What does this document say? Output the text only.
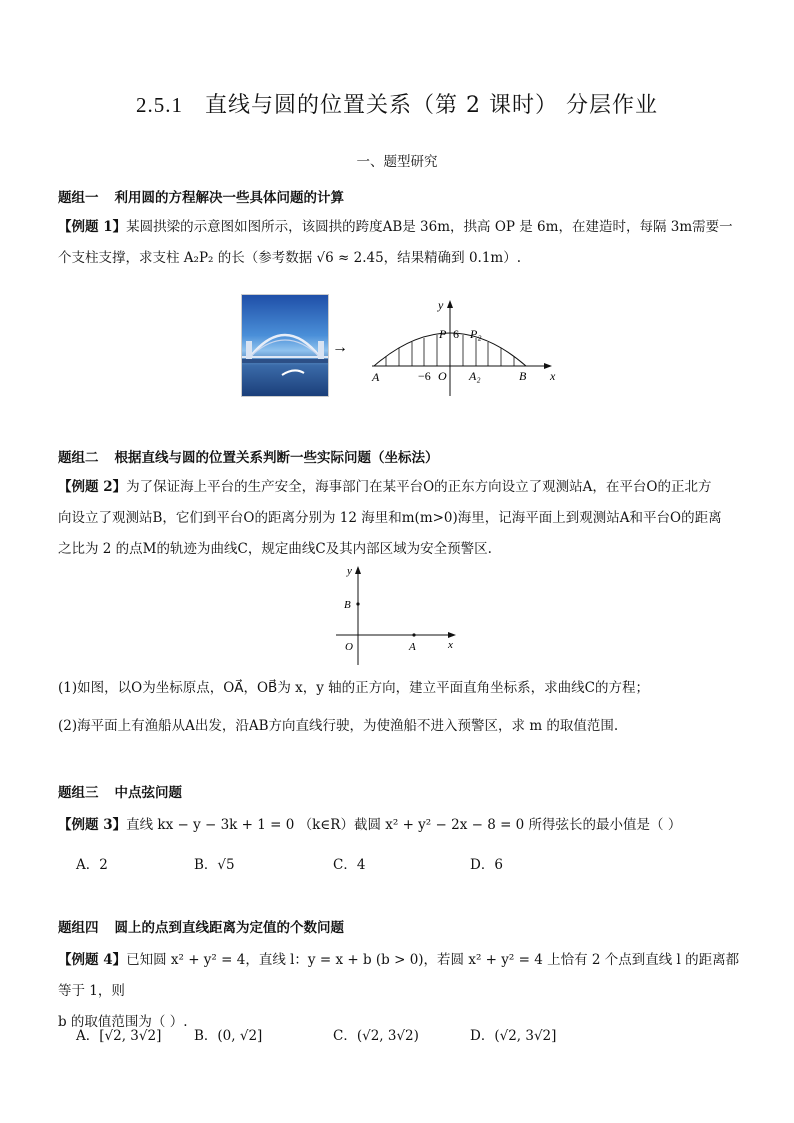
2.5.1 直线与圆的位置关系（第 2 课时） 分层作业
一、题型研究
题组一 利用圆的方程解决一些具体问题的计算
【例题 1】某圆拱梁的示意图如图所示，该圆拱的跨度AB是 36m，拱高 OP 是 6m，在建造时，每隔 3m需要一
个支柱支撑，求支柱 A₂P₂ 的长（参考数据 √6 ≈ 2.45，结果精确到 0.1m）.
→
y
x
P 6 P₂
A	−6 O A₂	B
题组二 根据直线与圆的位置关系判断一些实际问题（坐标法）
【例题 2】为了保证海上平台的生产安全，海事部门在某平台O的正东方向设立了观测站A，在平台O的正北方
向设立了观测站B，它们到平台O的距离分别为 12 海里和m(m>0)海里，记海平面上到观测站A和平台O的距离
之比为 2 的点M的轨迹为曲线C，规定曲线C及其内部区域为安全预警区.
y
x
B
O	A
(1)如图，以O为坐标原点，OA⃗，OB⃗为 x，y 轴的正方向，建立平面直角坐标系，求曲线C的方程；
(2)海平面上有渔船从A出发，沿AB方向直线行驶，为使渔船不进入预警区，求 m 的取值范围.
题组三 中点弦问题
【例题 3】直线 kx − y − 3k + 1 = 0 （k∈R）截圆 x² + y² − 2x − 8 = 0 所得弦长的最小值是（ ）
A．2	B．√5	C．4	D．6
题组四 圆上的点到直线距离为定值的个数问题
【例题 4】已知圆 x² + y² = 4，直线 l：y = x + b (b > 0)，若圆 x² + y² = 4 上恰有 2 个点到直线 l 的距离都等于 1，则
b 的取值范围为（ ）.
A．[√2, 3√2] B．(0, √2]	C．(√2, 3√2)	D．(√2, 3√2]
